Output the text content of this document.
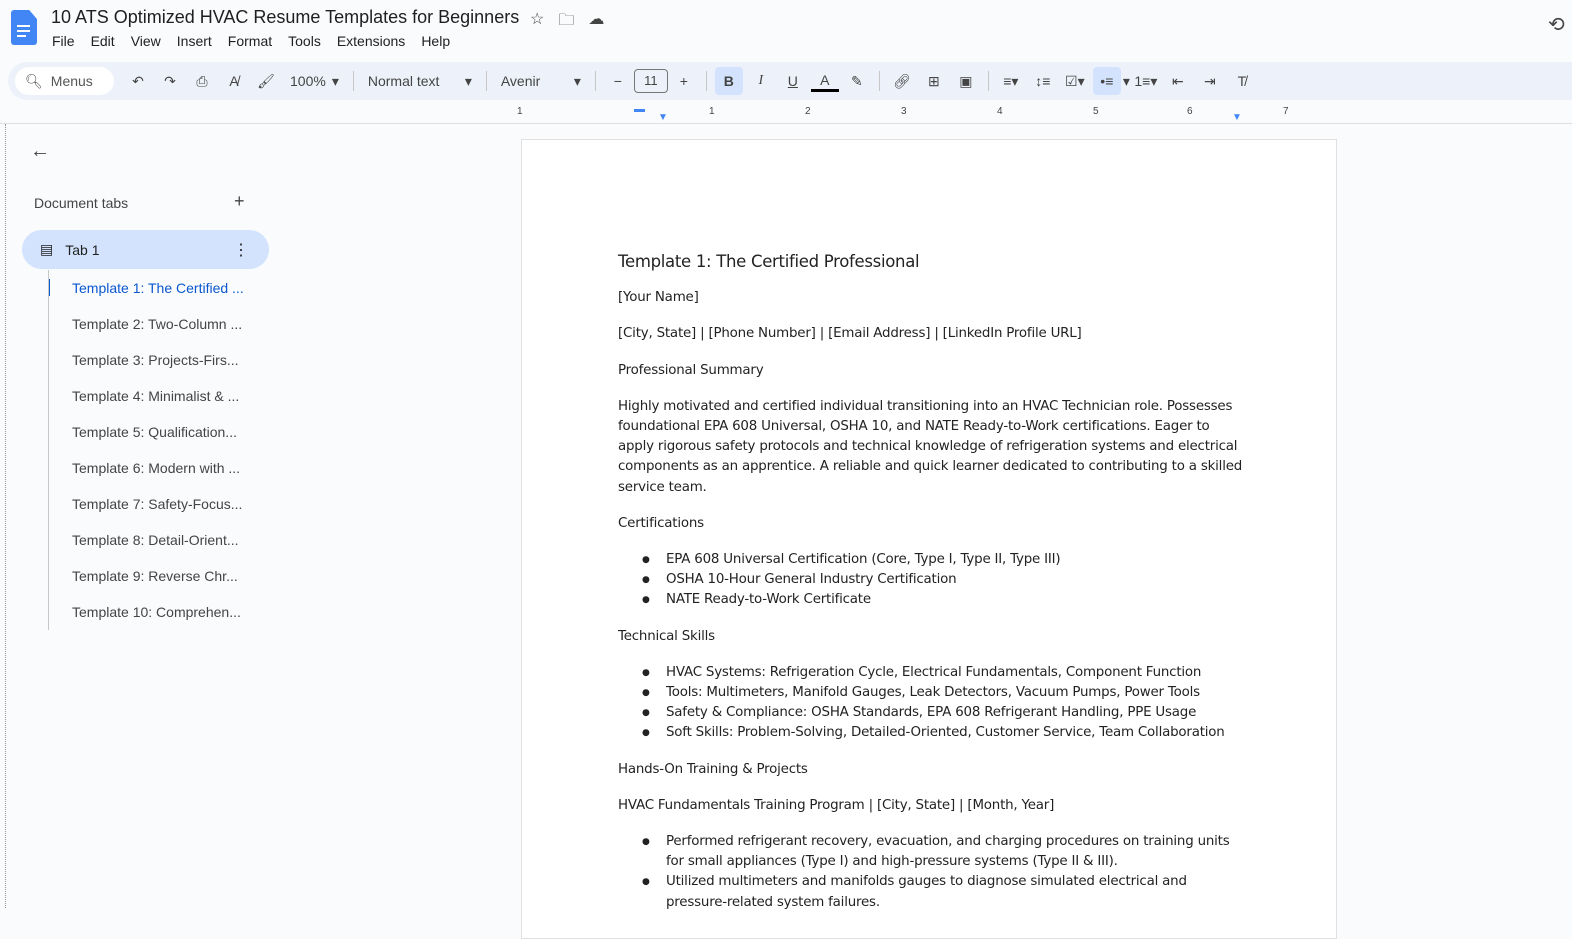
10 ATS Optimized HVAC Resume Templates for Beginners ☆ 🗀 ☁
File	Edit	View	Insert	Format	Tools	Extensions	Help
⟲
🔍︎ Menus	↶	↷	⎙	A̸	🖌︎	100% ▾ Normal text ▾ Avenir ▾	−	11	+	B	I	U	A	✎	🔗︎	⊞	▣	≡▾	↕≡	☑▾	•≡ ▾ 1≡▾	⇤	⇥	T̸
1	1	2	3	4	5	6	7
▼	▼
←
Document tabs	+
▤ Tab 1	⋮
Template 1: The Certified ...
Template 2: Two-Column ...
Template 3: Projects-Firs...
Template 4: Minimalist & ...
Template 5: Qualification...
Template 6: Modern with ...
Template 7: Safety-Focus...
Template 8: Detail-Orient...
Template 9: Reverse Chr...
Template 10: Comprehen...
Template 1: The Certified Professional

[Your Name]

[City, State] | [Phone Number] | [Email Address] | [LinkedIn Profile URL]

Professional Summary

Highly motivated and certified individual transitioning into an HVAC Technician role. Possesses foundational EPA 608 Universal, OSHA 10, and NATE Ready-to-Work certifications. Eager to apply rigorous safety protocols and technical knowledge of refrigeration systems and electrical components as an apprentice. A reliable and quick learner dedicated to contributing to a skilled service team.

Certifications

● EPA 608 Universal Certification (Core, Type I, Type II, Type III)
● OSHA 10-Hour General Industry Certification
● NATE Ready-to-Work Certificate

Technical Skills

● HVAC Systems: Refrigeration Cycle, Electrical Fundamentals, Component Function
● Tools: Multimeters, Manifold Gauges, Leak Detectors, Vacuum Pumps, Power Tools
● Safety & Compliance: OSHA Standards, EPA 608 Refrigerant Handling, PPE Usage
● Soft Skills: Problem-Solving, Detailed-Oriented, Customer Service, Team Collaboration

Hands-On Training & Projects

HVAC Fundamentals Training Program | [City, State] | [Month, Year]

● Performed refrigerant recovery, evacuation, and charging procedures on training units for small appliances (Type I) and high-pressure systems (Type II & III).
● Utilized multimeters and manifolds gauges to diagnose simulated electrical and pressure-related system failures.
